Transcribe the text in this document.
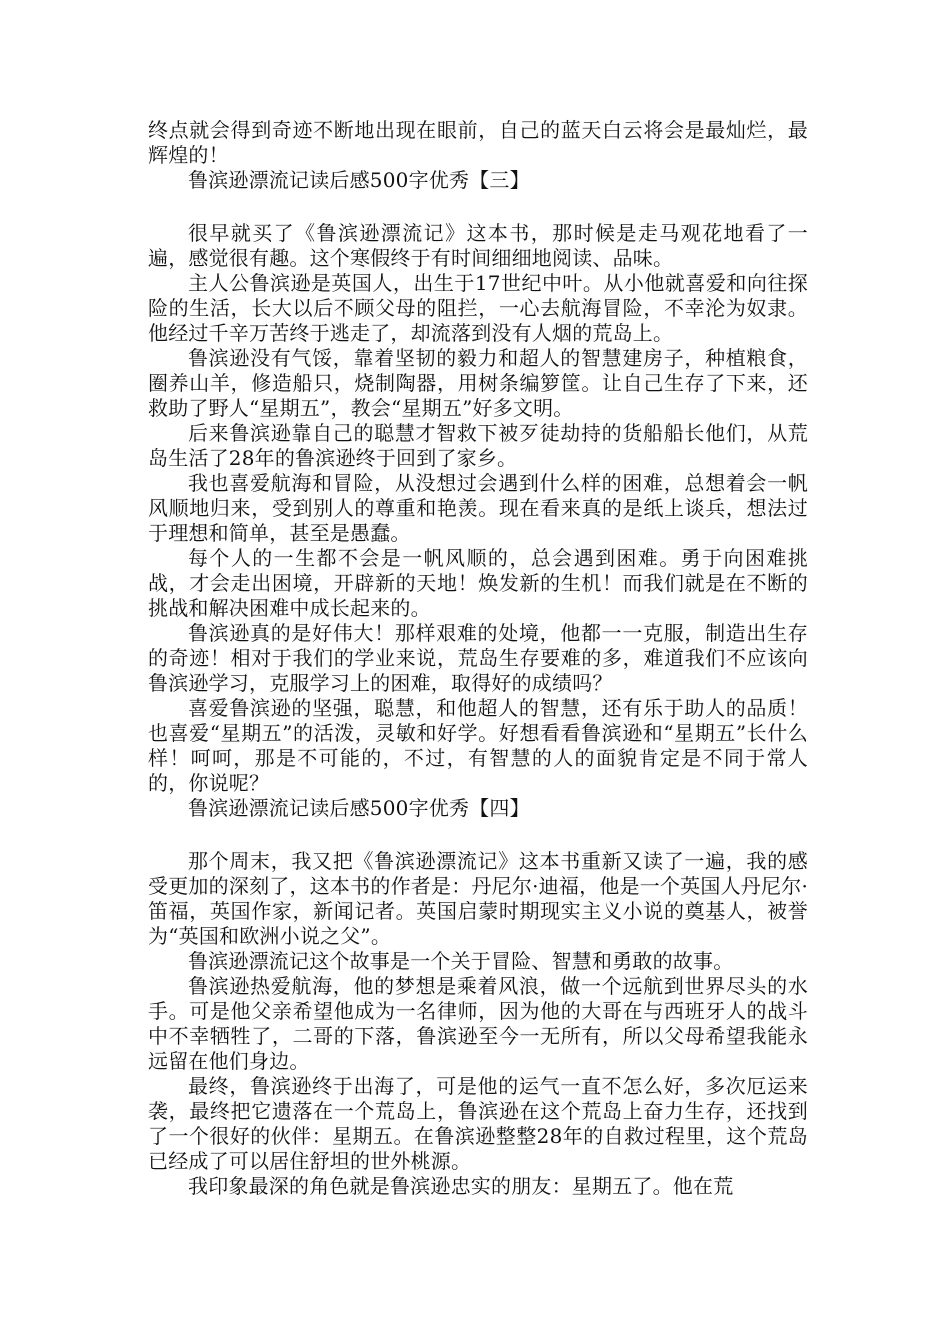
终点就会得到奇迹不断地出现在眼前，自己的蓝天白云将会是最灿烂，最辉煌的！

鲁滨逊漂流记读后感500字优秀【三】

很早就买了《鲁滨逊漂流记》这本书，那时候是走马观花地看了一遍，感觉很有趣。这个寒假终于有时间细细地阅读、品味。

主人公鲁滨逊是英国人，出生于17世纪中叶。从小他就喜爱和向往探险的生活，长大以后不顾父母的阻拦，一心去航海冒险，不幸沦为奴隶。他经过千辛万苦终于逃走了，却流落到没有人烟的荒岛上。

鲁滨逊没有气馁，靠着坚韧的毅力和超人的智慧建房子，种植粮食，圈养山羊，修造船只，烧制陶器，用树条编箩筐。让自己生存了下来，还救助了野人“星期五”，教会“星期五”好多文明。

后来鲁滨逊靠自己的聪慧才智救下被歹徒劫持的货船船长他们，从荒岛生活了28年的鲁滨逊终于回到了家乡。

我也喜爱航海和冒险，从没想过会遇到什么样的困难，总想着会一帆风顺地归来，受到别人的尊重和艳羡。现在看来真的是纸上谈兵，想法过于理想和简单，甚至是愚蠢。

每个人的一生都不会是一帆风顺的，总会遇到困难。勇于向困难挑战，才会走出困境，开辟新的天地！焕发新的生机！而我们就是在不断的挑战和解决困难中成长起来的。

鲁滨逊真的是好伟大！那样艰难的处境，他都一一克服，制造出生存的奇迹！相对于我们的学业来说，荒岛生存要难的多，难道我们不应该向鲁滨逊学习，克服学习上的困难，取得好的成绩吗？

喜爱鲁滨逊的坚强，聪慧，和他超人的智慧，还有乐于助人的品质！也喜爱“星期五”的活泼，灵敏和好学。好想看看鲁滨逊和“星期五”长什么样！呵呵，那是不可能的，不过，有智慧的人的面貌肯定是不同于常人的，你说呢？

鲁滨逊漂流记读后感500字优秀【四】

那个周末，我又把《鲁滨逊漂流记》这本书重新又读了一遍，我的感受更加的深刻了，这本书的作者是：丹尼尔·迪福，他是一个英国人丹尼尔·笛福，英国作家，新闻记者。英国启蒙时期现实主义小说的奠基人，被誉为“英国和欧洲小说之父”。

鲁滨逊漂流记这个故事是一个关于冒险、智慧和勇敢的故事。

鲁滨逊热爱航海，他的梦想是乘着风浪，做一个远航到世界尽头的水手。可是他父亲希望他成为一名律师，因为他的大哥在与西班牙人的战斗中不幸牺牲了，二哥的下落，鲁滨逊至今一无所有，所以父母希望我能永远留在他们身边。

最终，鲁滨逊终于出海了，可是他的运气一直不怎么好，多次厄运来袭，最终把它遗落在一个荒岛上，鲁滨逊在这个荒岛上奋力生存，还找到了一个很好的伙伴：星期五。在鲁滨逊整整28年的自救过程里，这个荒岛已经成了可以居住舒坦的世外桃源。

我印象最深的角色就是鲁滨逊忠实的朋友：星期五了。他在荒
